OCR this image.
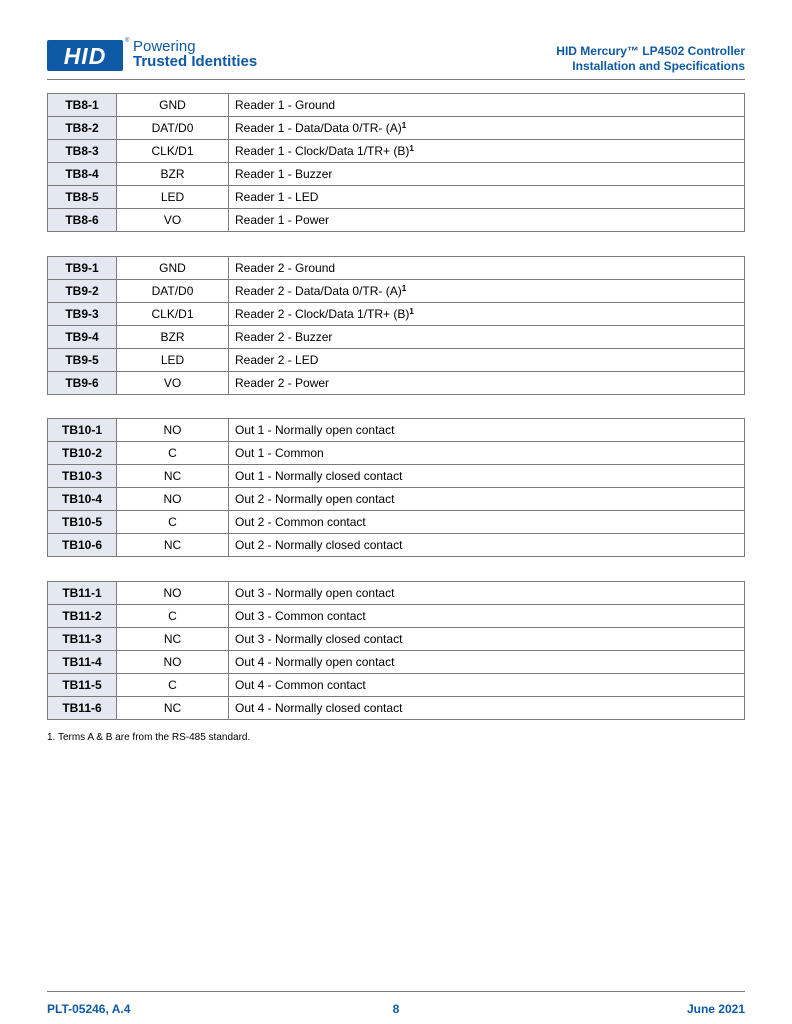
HID
® Powering
Trusted Identities
HID Mercury™ LP4502 Controller
Installation and Specifications
TB8-1	GND	Reader 1 - Ground
TB8-2	DAT/D0	Reader 1 - Data/Data 0/TR- $(A)^1$
TB8-3	CLK/D1	Reader 1 - Clock/Data $1/TR+ (B)^1$
TB8-4	BZR	Reader 1 - Buzzer
TB8-5	LED	Reader 1 - LED
TB8-6	VO	Reader 1 - Power
TB9-1	GND	Reader 2 - Ground
TB9-2	DAT/D0	Reader 2 - Data/Data 0/TR- $(A)^1$
TB9-3	CLK/D1	Reader 2 - Clock/Data $1/TR+ (B)^1$
TB9-4	BZR	Reader 2 - Buzzer
TB9-5	LED	Reader 2 - LED
TB9-6	VO	Reader 2 - Power
TB10-1	NO	Out 1 - Normally open contact
TB10-2	C	Out 1 - Common
TB10-3	NC	Out 1 - Normally closed contact
TB10-4	NO	Out 2 - Normally open contact
TB10-5	C	Out 2 - Common contact
TB10-6	NC	Out 2 - Normally closed contact
TB11-1	NO	Out 3 - Normally open contact
TB11-2	C	Out 3 - Common contact
TB11-3	NC	Out 3 - Normally closed contact
TB11-4	NO	Out 4 - Normally open contact
TB11-5	C	Out 4 - Common contact
TB11-6	NC	Out 4 - Normally closed contact
1. Terms A & B are from the RS-485 standard.
PLT-05246, A.4	8	June 2021
